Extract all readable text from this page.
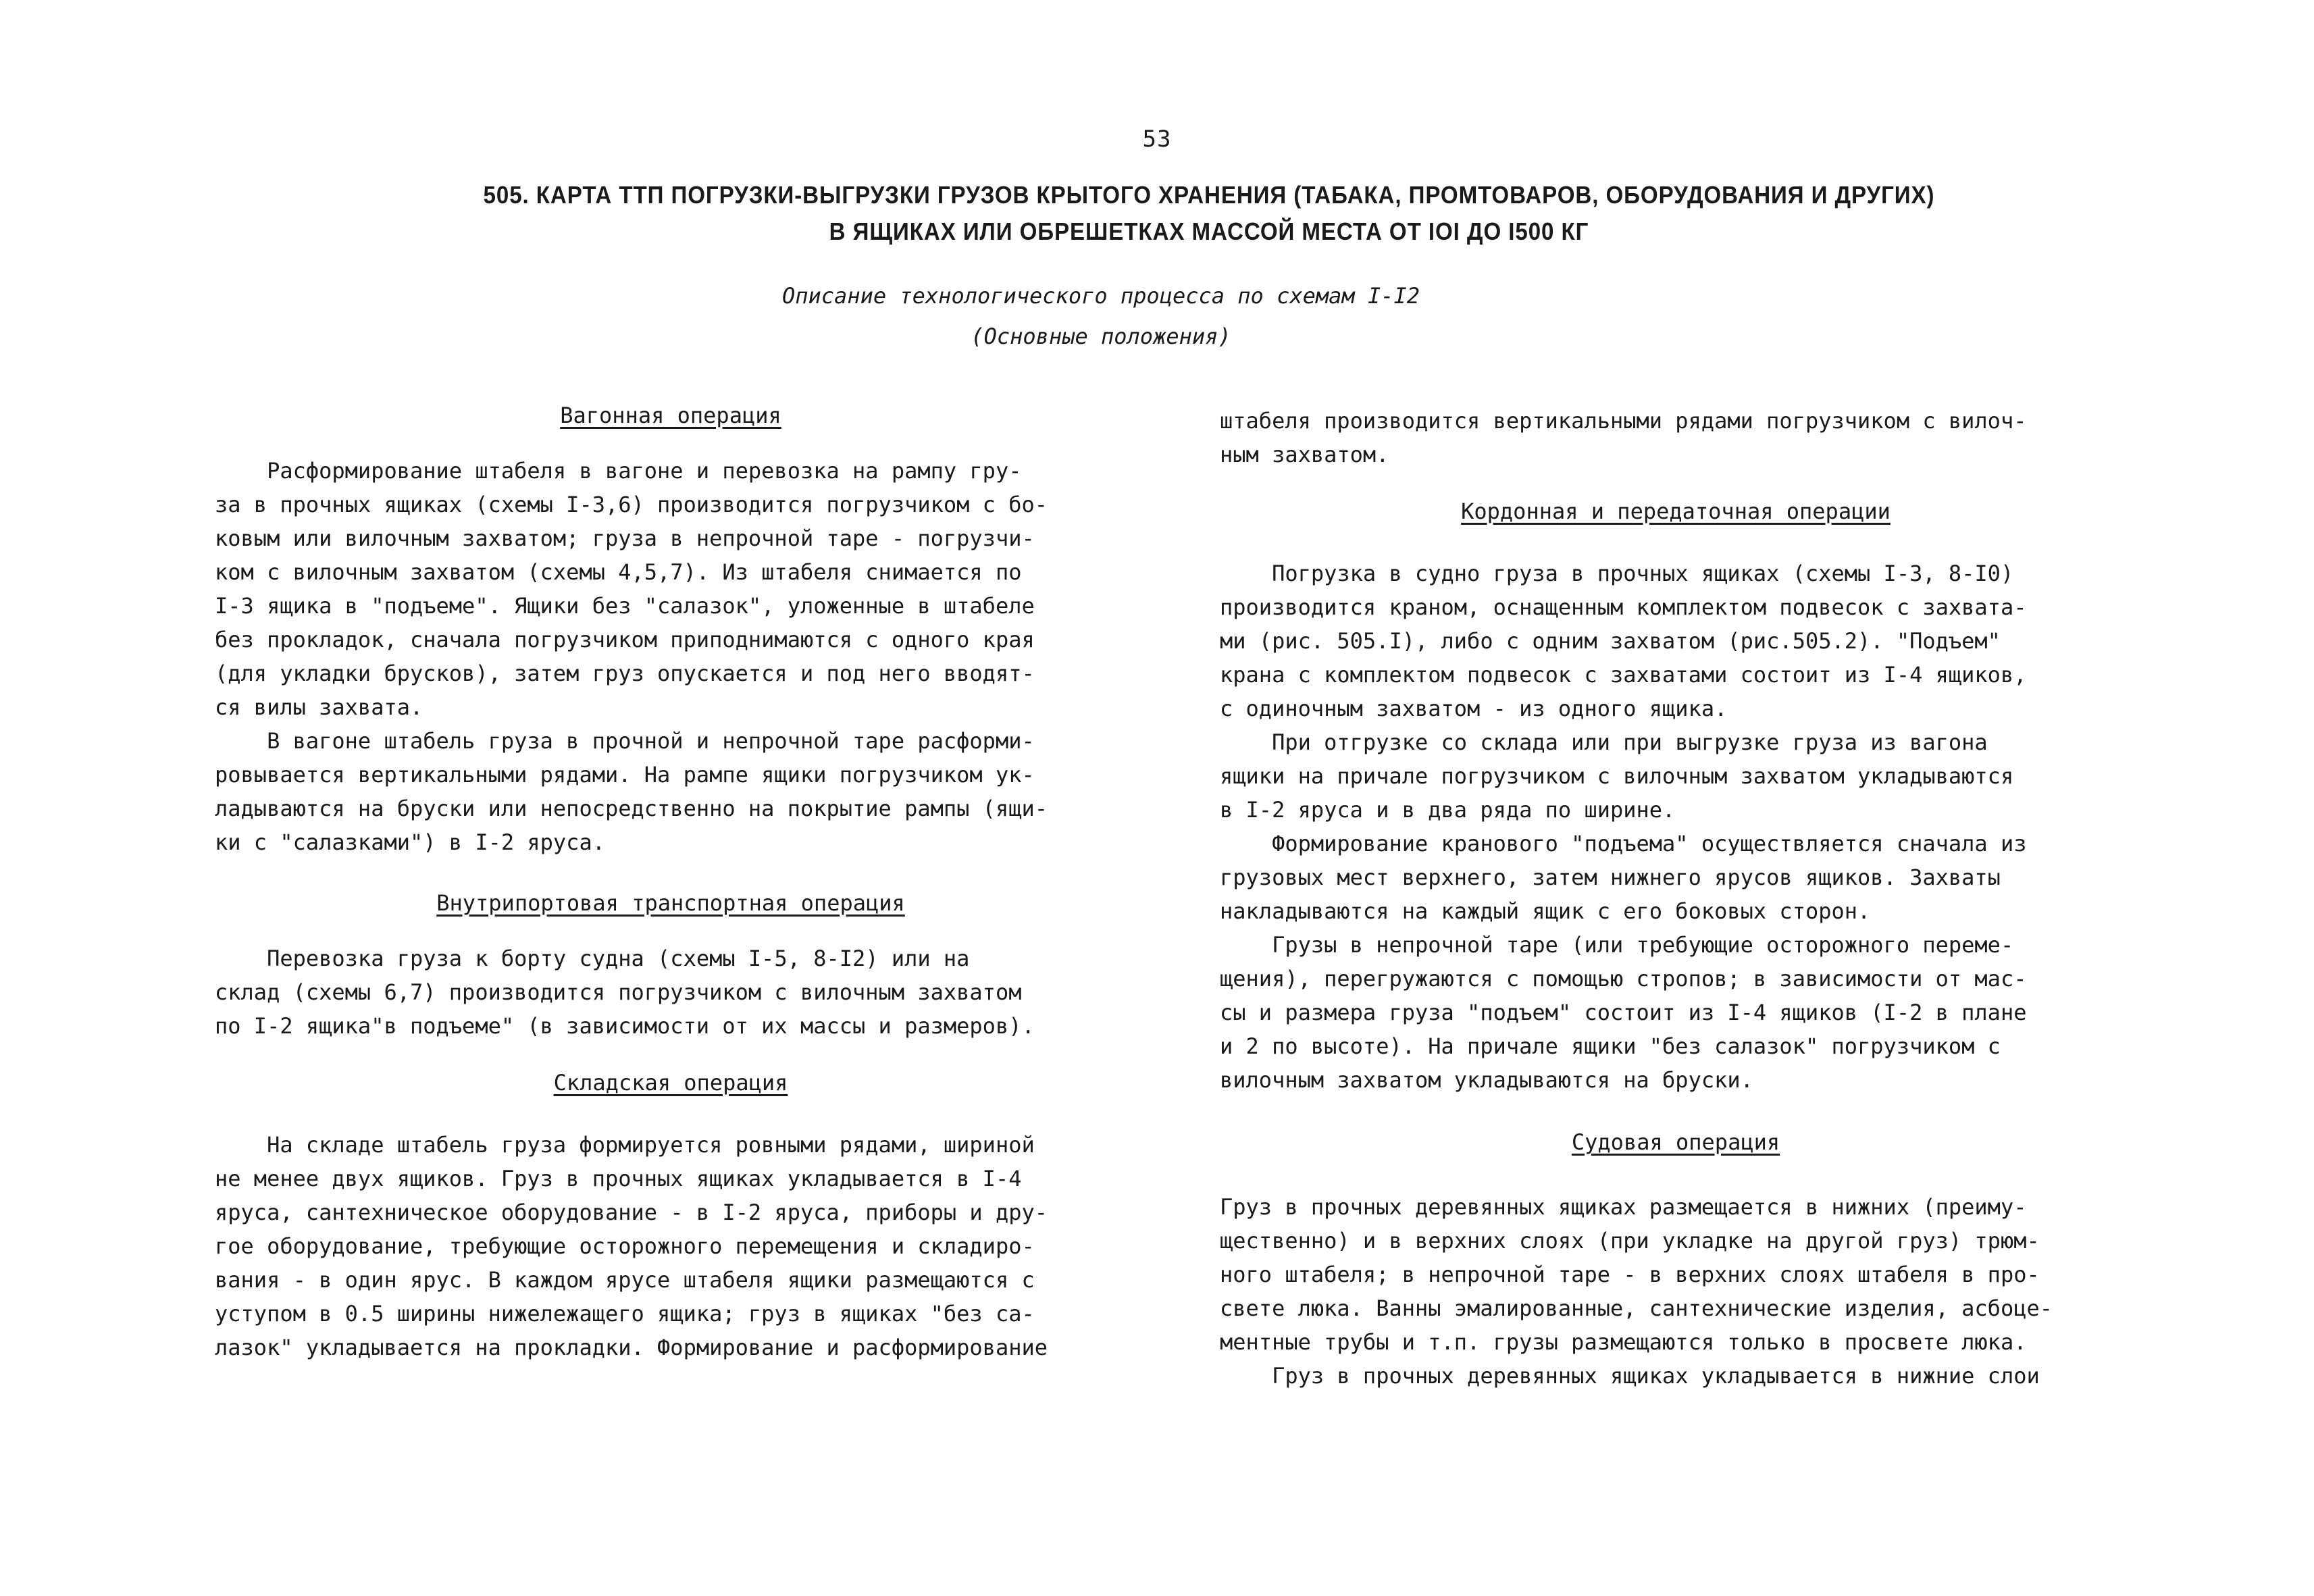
53
505. КАРТА ТТП ПОГРУЗКИ-ВЫГРУЗКИ ГРУЗОВ КРЫТОГО ХРАНЕНИЯ (ТАБАКА, ПРОМТОВАРОВ, ОБОРУДОВАНИЯ И ДРУГИХ)
В ЯЩИКАХ ИЛИ ОБРЕШЕТКАХ МАССОЙ МЕСТА ОТ IOI ДО I500 КГ
Описание технологического процесса по схемам I-I2
(Основные положения)

Вагонная операция

Расформирование штабеля в вагоне и перевозка на рампу гру-
за в прочных ящиках (схемы I-3,6) производится погрузчиком с бо-
ковым или вилочным захватом; груза в непрочной таре - погрузчи-
ком с вилочным захватом (схемы 4,5,7). Из штабеля снимается по
I-3 ящика в "подъеме". Ящики без "салазок", уложенные в штабеле
без прокладок, сначала погрузчиком приподнимаются с одного края
(для укладки брусков), затем груз опускается и под него вводят-
ся вилы захвата.
В вагоне штабель груза в прочной и непрочной таре расформи-
ровывается вертикальными рядами. На рампе ящики погрузчиком ук-
ладываются на бруски или непосредственно на покрытие рампы (ящи-
ки с "салазками") в I-2 яруса.

Внутрипортовая транспортная операция

Перевозка груза к борту судна (схемы I-5, 8-I2) или на
склад (схемы 6,7) производится погрузчиком с вилочным захватом
по I-2 ящика"в подъеме" (в зависимости от их массы и размеров).

Складская операция

На складе штабель груза формируется ровными рядами, шириной
не менее двух ящиков. Груз в прочных ящиках укладывается в I-4
яруса, сантехническое оборудование - в I-2 яруса, приборы и дру-
гое оборудование, требующие осторожного перемещения и складиро-
вания - в один ярус. В каждом ярусе штабеля ящики размещаются с
уступом в 0.5 ширины нижележащего ящика; груз в ящиках "без са-
лазок" укладывается на прокладки. Формирование и расформирование
штабеля производится вертикальными рядами погрузчиком с вилоч-
ным захватом.

Кордонная и передаточная операции

Погрузка в судно груза в прочных ящиках (схемы I-3, 8-I0)
производится краном, оснащенным комплектом подвесок с захвата-
ми (рис. 505.I), либо с одним захватом (рис.505.2). "Подъем"
крана с комплектом подвесок с захватами состоит из I-4 ящиков,
с одиночным захватом - из одного ящика.
При отгрузке со склада или при выгрузке груза из вагона
ящики на причале погрузчиком с вилочным захватом укладываются
в I-2 яруса и в два ряда по ширине.
Формирование кранового "подъема" осуществляется сначала из
грузовых мест верхнего, затем нижнего ярусов ящиков. Захваты
накладываются на каждый ящик с его боковых сторон.
Грузы в непрочной таре (или требующие осторожного переме-
щения), перегружаются с помощью стропов; в зависимости от мас-
сы и размера груза "подъем" состоит из I-4 ящиков (I-2 в плане
и 2 по высоте). На причале ящики "без салазок" погрузчиком с
вилочным захватом укладываются на бруски.

Судовая операция

Груз в прочных деревянных ящиках размещается в нижних (преиму-
щественно) и в верхних слоях (при укладке на другой груз) трюм-
ного штабеля; в непрочной таре - в верхних слоях штабеля в про-
свете люка. Ванны эмалированные, сантехнические изделия, асбоце-
ментные трубы и т.п. грузы размещаются только в просвете люка.
Груз в прочных деревянных ящиках укладывается в нижние слои
